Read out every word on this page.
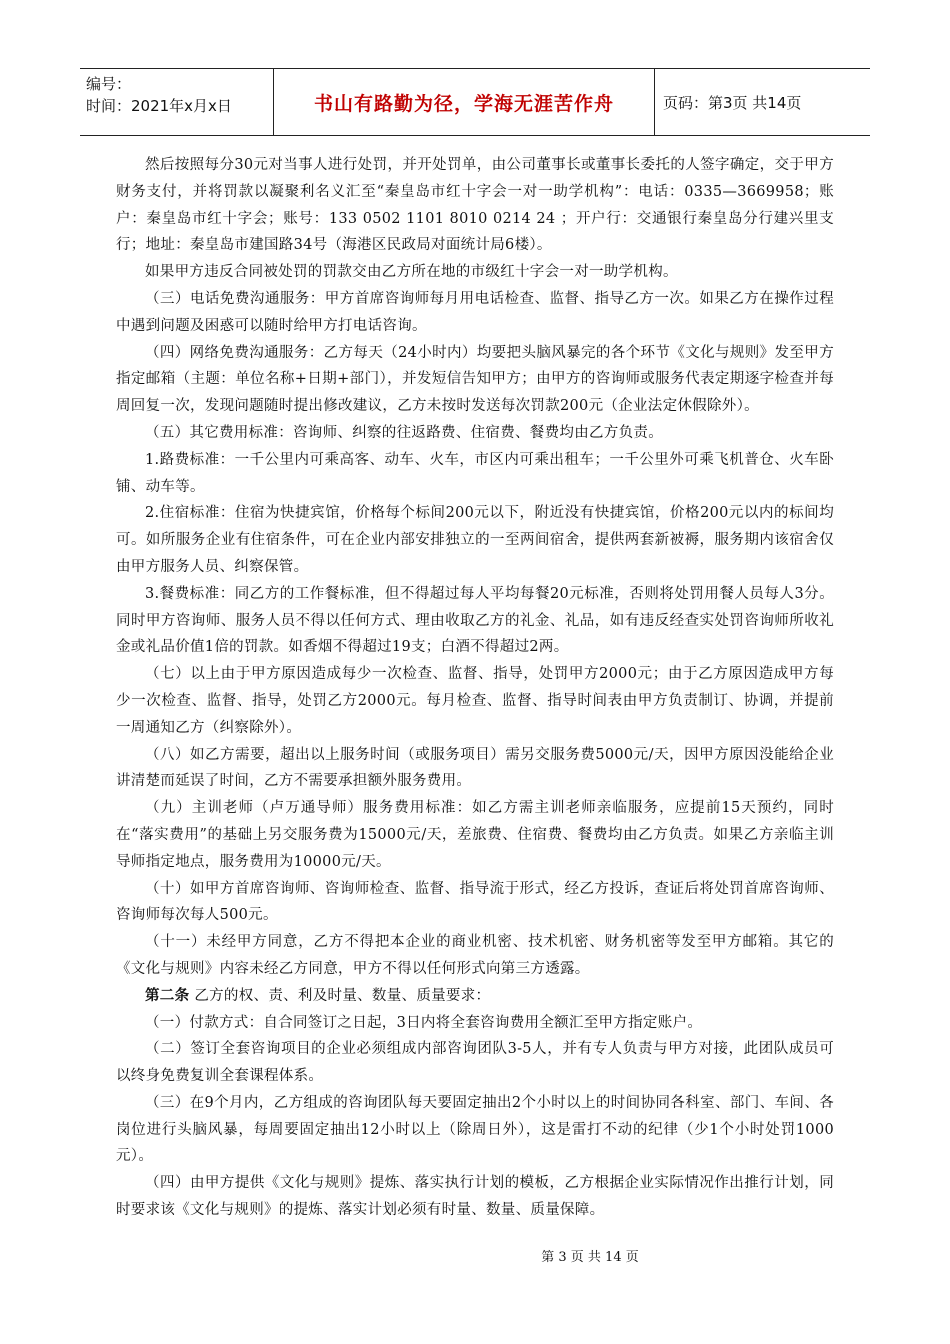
编号：
时间：2021年x月x日	书山有路勤为径，学海无涯苦作舟	页码：第3页 共14页

然后按照每分30元对当事人进行处罚，并开处罚单，由公司董事长或董事长委托的人签字确定，交于甲方财务支付，并将罚款以凝聚利名义汇至“秦皇岛市红十字会一对一助学机构”：电话：0335—3669958；账户：秦皇岛市红十字会；账号：133 0502 1101 8010 0214 24 ；开户行：交通银行秦皇岛分行建兴里支行；地址：秦皇岛市建国路34号（海港区民政局对面统计局6楼）。

如果甲方违反合同被处罚的罚款交由乙方所在地的市级红十字会一对一助学机构。

（三）电话免费沟通服务：甲方首席咨询师每月用电话检查、监督、指导乙方一次。如果乙方在操作过程中遇到问题及困惑可以随时给甲方打电话咨询。

（四）网络免费沟通服务：乙方每天（24小时内）均要把头脑风暴完的各个环节《文化与规则》发至甲方指定邮箱（主题：单位名称+日期+部门），并发短信告知甲方；由甲方的咨询师或服务代表定期逐字检查并每周回复一次，发现问题随时提出修改建议，乙方未按时发送每次罚款200元（企业法定休假除外）。

（五）其它费用标准：咨询师、纠察的往返路费、住宿费、餐费均由乙方负责。

1.路费标准：一千公里内可乘高客、动车、火车，市区内可乘出租车；一千公里外可乘飞机普仓、火车卧铺、动车等。

2.住宿标准：住宿为快捷宾馆，价格每个标间200元以下，附近没有快捷宾馆，价格200元以内的标间均可。如所服务企业有住宿条件，可在企业内部安排独立的一至两间宿舍，提供两套新被褥，服务期内该宿舍仅由甲方服务人员、纠察保管。

3.餐费标准：同乙方的工作餐标准，但不得超过每人平均每餐20元标准，否则将处罚用餐人员每人3分。同时甲方咨询师、服务人员不得以任何方式、理由收取乙方的礼金、礼品，如有违反经查实处罚咨询师所收礼金或礼品价值1倍的罚款。如香烟不得超过19支；白酒不得超过2两。

（七）以上由于甲方原因造成每少一次检查、监督、指导，处罚甲方2000元；由于乙方原因造成甲方每少一次检查、监督、指导，处罚乙方2000元。每月检查、监督、指导时间表由甲方负责制订、协调，并提前一周通知乙方（纠察除外）。

（八）如乙方需要，超出以上服务时间（或服务项目）需另交服务费5000元/天，因甲方原因没能给企业讲清楚而延误了时间，乙方不需要承担额外服务费用。

（九）主训老师（卢万通导师）服务费用标准：如乙方需主训老师亲临服务，应提前15天预约，同时在“落实费用”的基础上另交服务费为15000元/天，差旅费、住宿费、餐费均由乙方负责。如果乙方亲临主训导师指定地点，服务费用为10000元/天。

（十）如甲方首席咨询师、咨询师检查、监督、指导流于形式，经乙方投诉，查证后将处罚首席咨询师、咨询师每次每人500元。

（十一）未经甲方同意，乙方不得把本企业的商业机密、技术机密、财务机密等发至甲方邮箱。其它的《文化与规则》内容未经乙方同意，甲方不得以任何形式向第三方透露。

第二条 乙方的权、责、利及时量、数量、质量要求：

（一）付款方式：自合同签订之日起，3日内将全套咨询费用全额汇至甲方指定账户。

（二）签订全套咨询项目的企业必须组成内部咨询团队3-5人，并有专人负责与甲方对接，此团队成员可以终身免费复训全套课程体系。

（三）在9个月内，乙方组成的咨询团队每天要固定抽出2个小时以上的时间协同各科室、部门、车间、各岗位进行头脑风暴，每周要固定抽出12小时以上（除周日外），这是雷打不动的纪律（少1个小时处罚1000元）。

（四）由甲方提供《文化与规则》提炼、落实执行计划的模板，乙方根据企业实际情况作出推行计划，同时要求该《文化与规则》的提炼、落实计划必须有时量、数量、质量保障。

第 3 页 共 14 页
